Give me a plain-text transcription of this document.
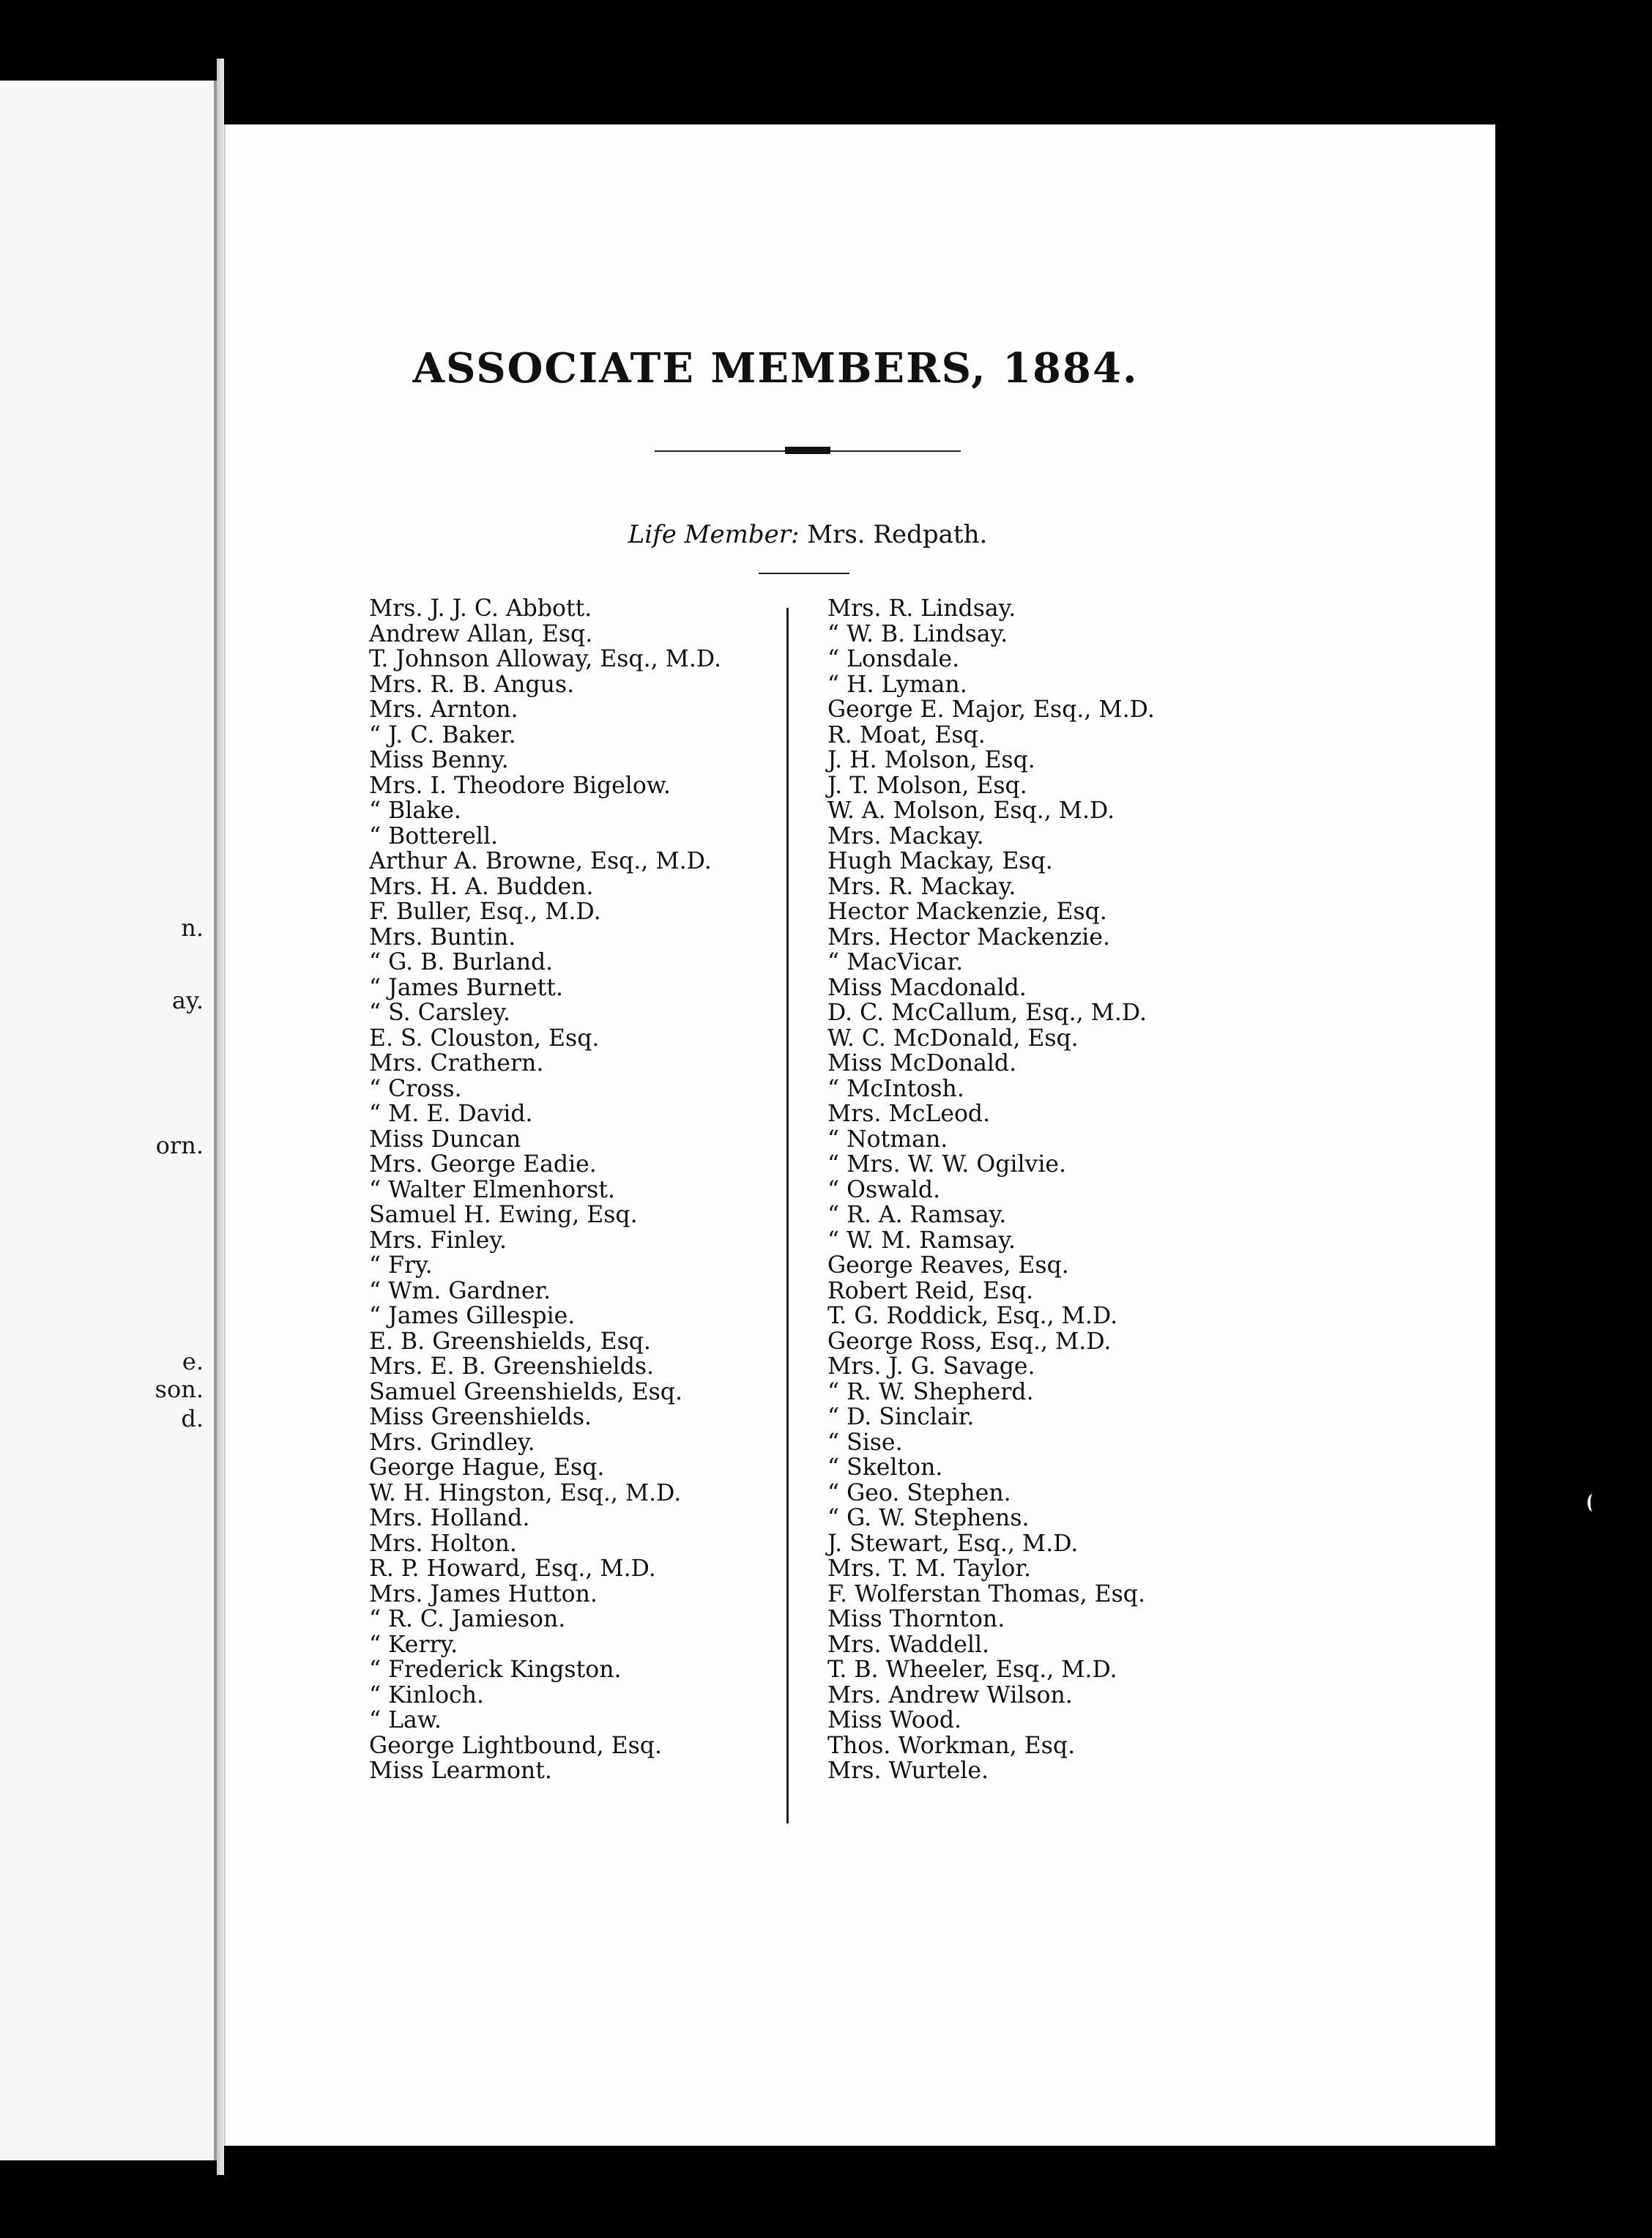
n.
ay.
orn.
e.
son.
d.
ASSOCIATE MEMBERS, 1884.
Life Member: Mrs. Redpath.
Mrs. J. J. C. Abbott.
Andrew Allan, Esq.
T. Johnson Alloway, Esq., M.D.
Mrs. R. B. Angus.
Mrs. Arnton.
“ J. C. Baker.
Miss Benny.
Mrs. I. Theodore Bigelow.
“ Blake.
“ Botterell.
Arthur A. Browne, Esq., M.D.
Mrs. H. A. Budden.
F. Buller, Esq., M.D.
Mrs. Buntin.
“ G. B. Burland.
“ James Burnett.
“ S. Carsley.
E. S. Clouston, Esq.
Mrs. Crathern.
“ Cross.
“ M. E. David.
Miss Duncan
Mrs. George Eadie.
“ Walter Elmenhorst.
Samuel H. Ewing, Esq.
Mrs. Finley.
“ Fry.
“ Wm. Gardner.
“ James Gillespie.
E. B. Greenshields, Esq.
Mrs. E. B. Greenshields.
Samuel Greenshields, Esq.
Miss Greenshields.
Mrs. Grindley.
George Hague, Esq.
W. H. Hingston, Esq., M.D.
Mrs. Holland.
Mrs. Holton.
R. P. Howard, Esq., M.D.
Mrs. James Hutton.
“ R. C. Jamieson.
“ Kerry.
“ Frederick Kingston.
“ Kinloch.
“ Law.
George Lightbound, Esq.
Miss Learmont.
Mrs. R. Lindsay.
“ W. B. Lindsay.
“ Lonsdale.
“ H. Lyman.
George E. Major, Esq., M.D.
R. Moat, Esq.
J. H. Molson, Esq.
J. T. Molson, Esq.
W. A. Molson, Esq., M.D.
Mrs. Mackay.
Hugh Mackay, Esq.
Mrs. R. Mackay.
Hector Mackenzie, Esq.
Mrs. Hector Mackenzie.
“ MacVicar.
Miss Macdonald.
D. C. McCallum, Esq., M.D.
W. C. McDonald, Esq.
Miss McDonald.
“ McIntosh.
Mrs. McLeod.
“ Notman.
“ Mrs. W. W. Ogilvie.
“ Oswald.
“ R. A. Ramsay.
“ W. M. Ramsay.
George Reaves, Esq.
Robert Reid, Esq.
T. G. Roddick, Esq., M.D.
George Ross, Esq., M.D.
Mrs. J. G. Savage.
“ R. W. Shepherd.
“ D. Sinclair.
“ Sise.
“ Skelton.
“ Geo. Stephen.
“ G. W. Stephens.
J. Stewart, Esq., M.D.
Mrs. T. M. Taylor.
F. Wolferstan Thomas, Esq.
Miss Thornton.
Mrs. Waddell.
T. B. Wheeler, Esq., M.D.
Mrs. Andrew Wilson.
Miss Wood.
Thos. Workman, Esq.
Mrs. Wurtele.
